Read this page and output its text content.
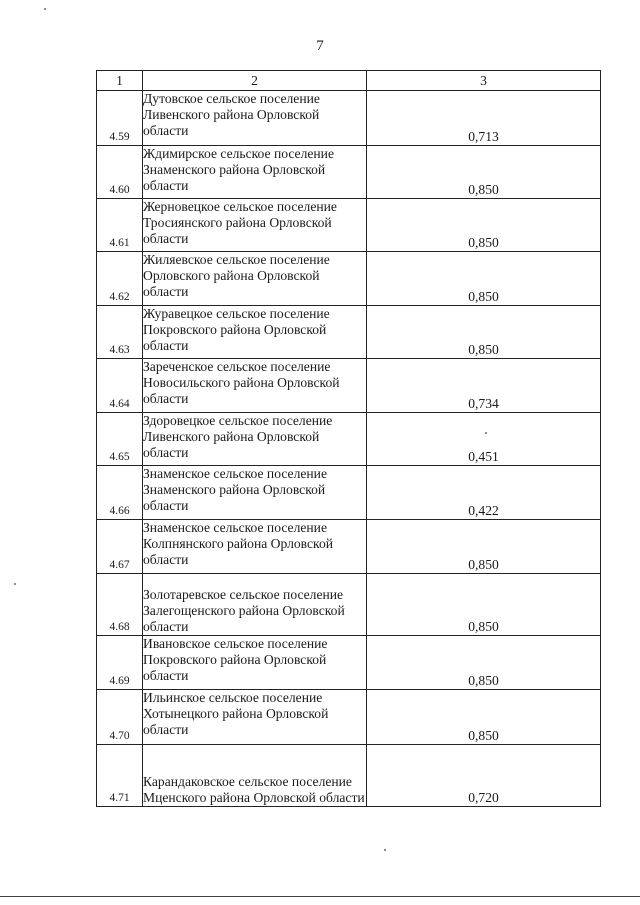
7
1	2	3
4.59	Дутовское сельское поселение Ливенского района Орловской области	0,713
4.60	Ждимирское сельское поселение Знаменского района Орловской области	0,850
4.61	Жерновецкое сельское поселение Тросиянского района Орловской области	0,850
4.62	Жиляевское сельское поселение Орловского района Орловской области	0,850
4.63	Журавецкое сельское поселение Покровского района Орловской области	0,850
4.64	Зареченское сельское поселение Новосильского района Орловской области	0,734
4.65	Здоровецкое сельское поселение Ливенского района Орловской области	0,451
4.66	Знаменское сельское поселение Знаменского района Орловской области	0,422
4.67	Знаменское сельское поселение Колпнянского района Орловской области	0,850
4.68	Золотаревское сельское поселение Залегощенского района Орловской области	0,850
4.69	Ивановское сельское поселение Покровского района Орловской области	0,850
4.70	Ильинское сельское поселение Хотынецкого района Орловской области	0,850
4.71	Карандаковское сельское поселение Мценского района Орловской области	0,720
